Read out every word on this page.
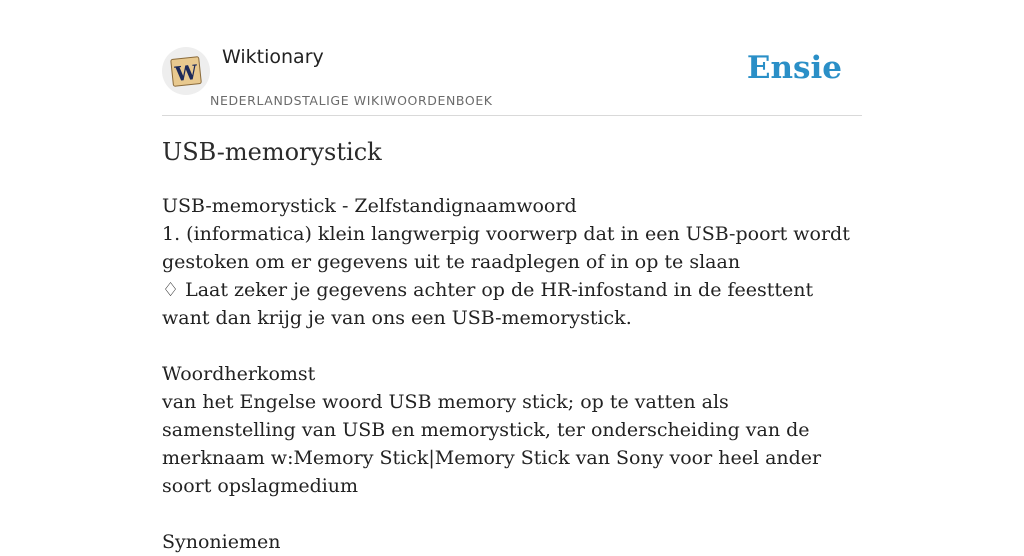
W
Wiktionary
NEDERLANDSTALIGE WIKIWOORDENBOEK
Ensie
USB-memorystick

USB-memorystick - Zelfstandignaamwoord

1. (informatica) klein langwerpig voorwerp dat in een USB-poort wordt gestoken om er gegevens uit te raadplegen of in op te slaan

♢ Laat zeker je gegevens achter op de HR-infostand in de feesttent want dan krijg je van ons een USB-memorystick.

Woordherkomst

van het Engelse woord USB memory stick; op te vatten als samenstelling van USB en memorystick, ter onderscheiding van de merknaam w:Memory Stick|Memory Stick van Sony voor heel ander soort opslagmedium

Synoniemen
